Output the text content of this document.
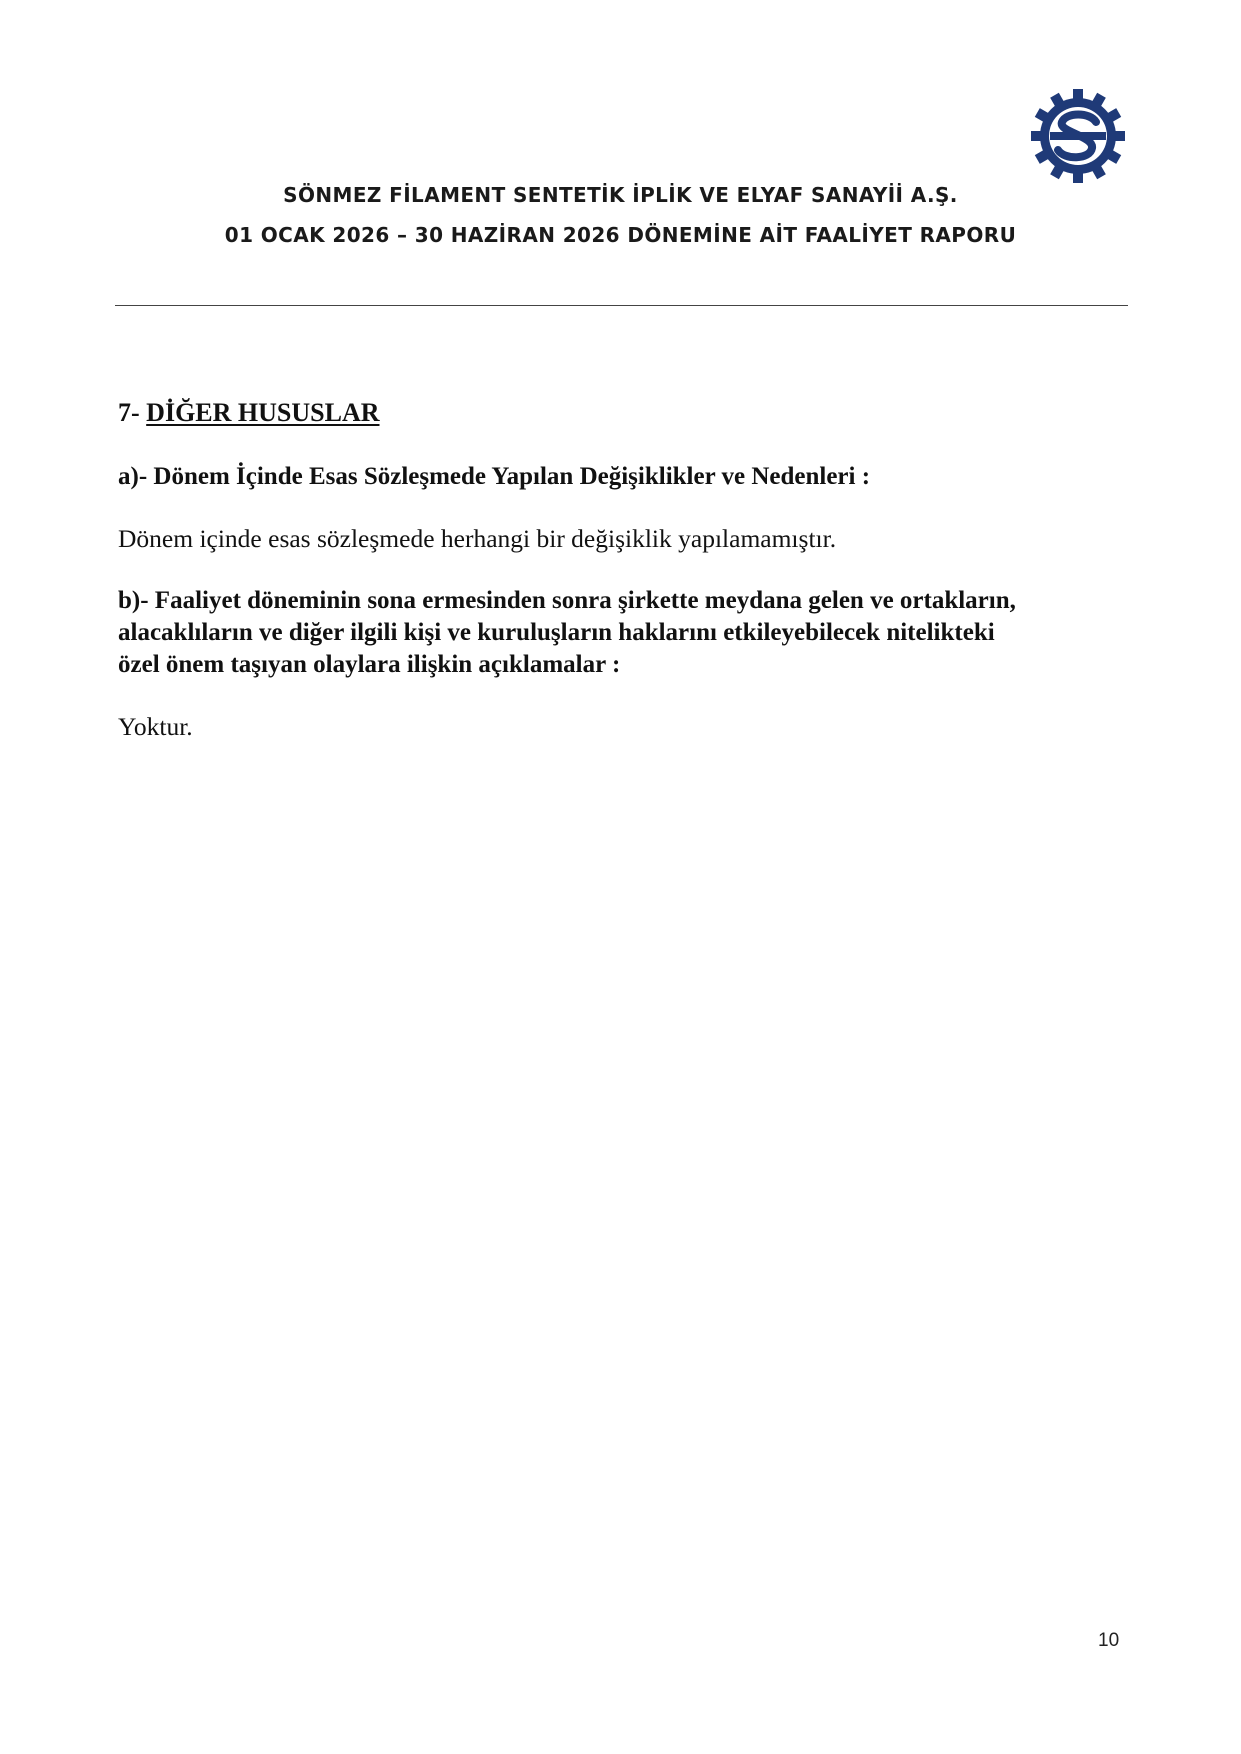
SÖNMEZ FİLAMENT SENTETİK İPLİK VE ELYAF SANAYİİ A.Ş.
01 OCAK 2026 – 30 HAZİRAN 2026 DÖNEMİNE AİT FAALİYET RAPORU
7- DİĞER HUSUSLAR
a)- Dönem İçinde Esas Sözleşmede Yapılan Değişiklikler ve Nedenleri :
Dönem içinde esas sözleşmede herhangi bir değişiklik yapılamamıştır.
b)- Faaliyet döneminin sona ermesinden sonra şirkette meydana gelen ve ortakların,
alacaklıların ve diğer ilgili kişi ve kuruluşların haklarını etkileyebilecek nitelikteki
özel önem taşıyan olaylara ilişkin açıklamalar :
Yoktur.
10
